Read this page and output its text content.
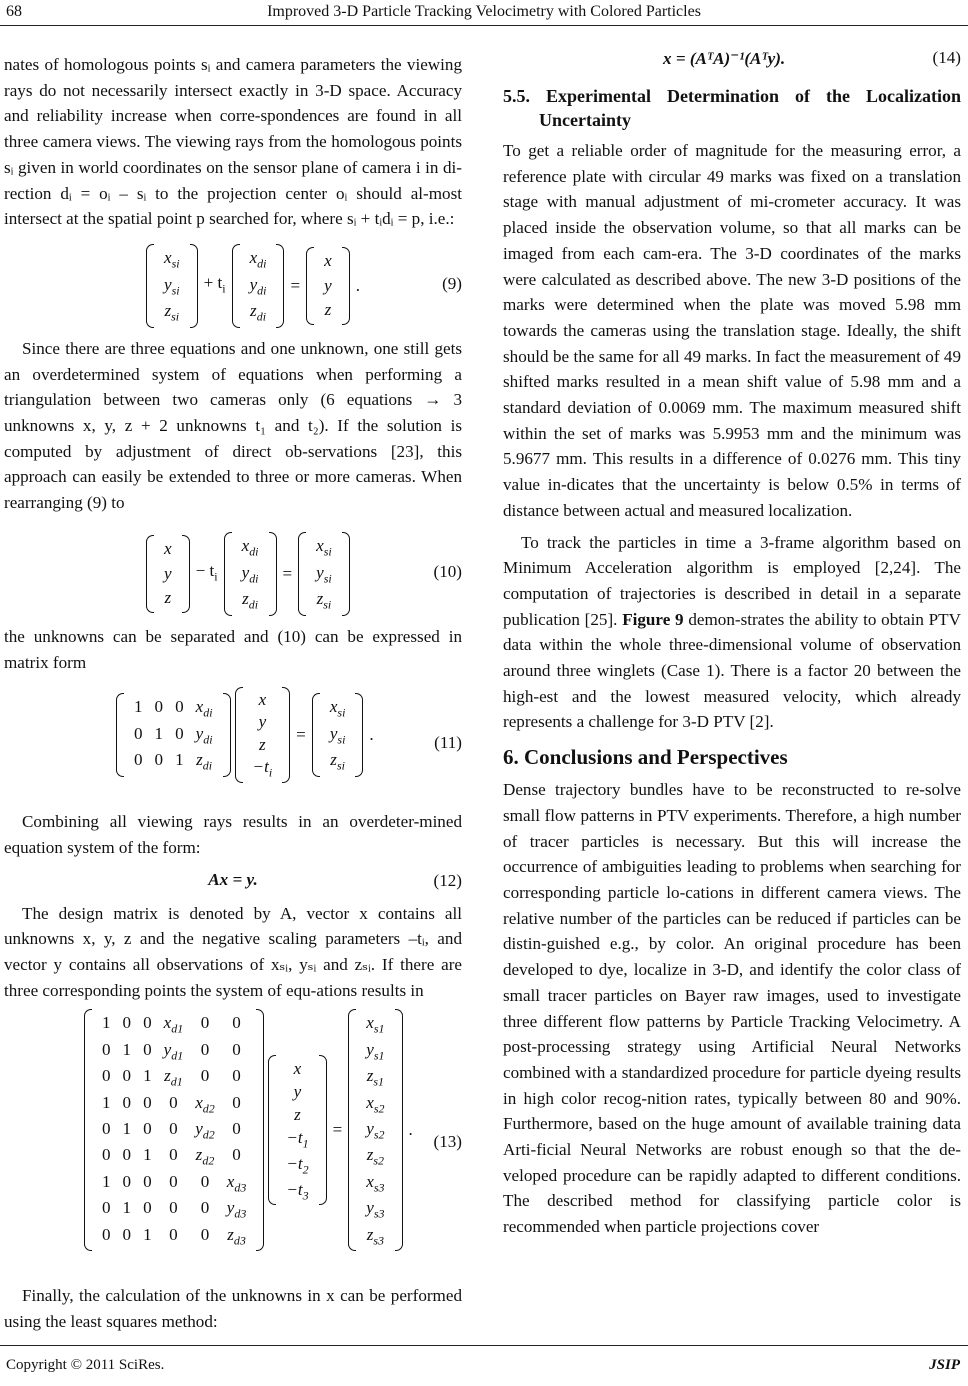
68	Improved 3-D Particle Tracking Velocimetry with Colored Particles

nates of homologous points sᵢ and camera parameters the viewing rays do not necessarily intersect exactly in 3-D space. Accuracy and reliability increase when corre-spondences are found in all three camera views. The viewing rays from the homologous points sᵢ given in world coordinates on the sensor plane of camera i in di-rection dᵢ = oᵢ – sᵢ to the projection center oᵢ should al-most intersect at the spatial point p searched for, where sᵢ + tᵢdᵢ = p, i.e.:

$x_{si}$
$y_{si}$
$z_{si}$
+ $t_i$
$x_{di}$
$y_{di}$
$z_{di}$
=
x
y
z
.	(9)

Since there are three equations and one unknown, one still gets an overdetermined system of equations when performing a triangulation between two cameras only (6 equations → 3 unknowns x, y, z + 2 unknowns t₁ and t₂). If the solution is computed by adjustment of direct ob-servations [23], this approach can easily be extended to three or more cameras. When rearranging (9) to

x
y
z
− $t_i$
$x_{di}$
$y_{di}$
$z_{di}$
=
$x_{si}$
$y_{si}$
$z_{si}$
(10)

the unknowns can be separated and (10) can be expressed in matrix form

1 0 0 $x_{di}$
0 1 0 $y_{di}$
0 0 1 $z_{di}$
x
y
z
$-t_i$
=
$x_{si}$
$y_{si}$
$z_{si}$
.	(11)

Combining all viewing rays results in an overdeter-mined equation system of the form:

Ax = y.	(12)

The design matrix is denoted by A, vector x contains all unknowns x, y, z and the negative scaling parameters –tᵢ, and vector y contains all observations of xₛᵢ, yₛᵢ and zₛᵢ. If there are three corresponding points the system of equ-ations results in

1 0 0 $x_{d1}$	0	0
0 1 0 $y_{d1}$	0	0
0 0 1 $z_{d1}$	0	0
1 0 0	0	$x_{d2}$	0
0 1 0	0	$y_{d2}$	0
0 0 1	0	$z_{d2}$	0
1 0 0	0	0	$x_{d3}$
0 1 0	0	0	$y_{d3}$
0 0 1	0	0	$z_{d3}$
x
y
z
$-t_1$
$-t_2$
$-t_3$
=
$x_{s1}$
$y_{s1}$
$z_{s1}$
$x_{s2}$
$y_{s2}$
$z_{s2}$
$x_{s3}$
$y_{s3}$
$z_{s3}$
.
(13)

Finally, the calculation of the unknowns in x can be performed using the least squares method:

x = (AᵀA)⁻¹(Aᵀy).	(14)
5.5. Experimental Determination of the Localization Uncertainty

To get a reliable order of magnitude for the measuring error, a reference plate with circular 49 marks was fixed on a translation stage with manual adjustment of mi-crometer accuracy. It was placed inside the observation volume, so that all marks can be imaged from each cam-era. The 3-D coordinates of the marks were calculated as described above. The new 3-D positions of the marks were determined when the plate was moved 5.98 mm towards the cameras using the translation stage. Ideally, the shift should be the same for all 49 marks. In fact the measurement of 49 shifted marks resulted in a mean shift value of 5.98 mm and a standard deviation of 0.0069 mm. The maximum measured shift within the set of marks was 5.9953 mm and the minimum was 5.9677 mm. This results in a difference of 0.0276 mm. This tiny value in-dicates that the uncertainty is below 0.5% in terms of distance between actual and measured localization.

To track the particles in time a 3-frame algorithm based on Minimum Acceleration algorithm is employed [2,24]. The computation of trajectories is described in detail in a separate publication [25]. Figure 9 demon-strates the ability to obtain PTV data within the whole three-dimensional volume of observation around three winglets (Case 1). There is a factor 20 between the high-est and the lowest measured velocity, which already represents a challenge for 3-D PTV [2].

6. Conclusions and Perspectives

Dense trajectory bundles have to be reconstructed to re-solve small flow patterns in PTV experiments. Therefore, a high number of tracer particles is necessary. But this will increase the occurrence of ambiguities leading to problems when searching for corresponding particle lo-cations in different camera views. The relative number of the particles can be reduced if particles can be distin-guished e.g., by color. An original procedure has been developed to dye, localize in 3-D, and identify the color class of small tracer particles on Bayer raw images, used to investigate three different flow patterns by Particle Tracking Velocimetry. A post-processing strategy using Artificial Neural Networks combined with a standardized procedure for particle dyeing results in high color recog-nition rates, typically between 80 and 90%. Furthermore, based on the huge amount of available training data Arti-ficial Neural Networks are robust enough so that the de-veloped procedure can be rapidly adapted to different conditions. The described method for classifying particle color is recommended when particle projections cover

Copyright © 2011 SciRes.	JSIP
